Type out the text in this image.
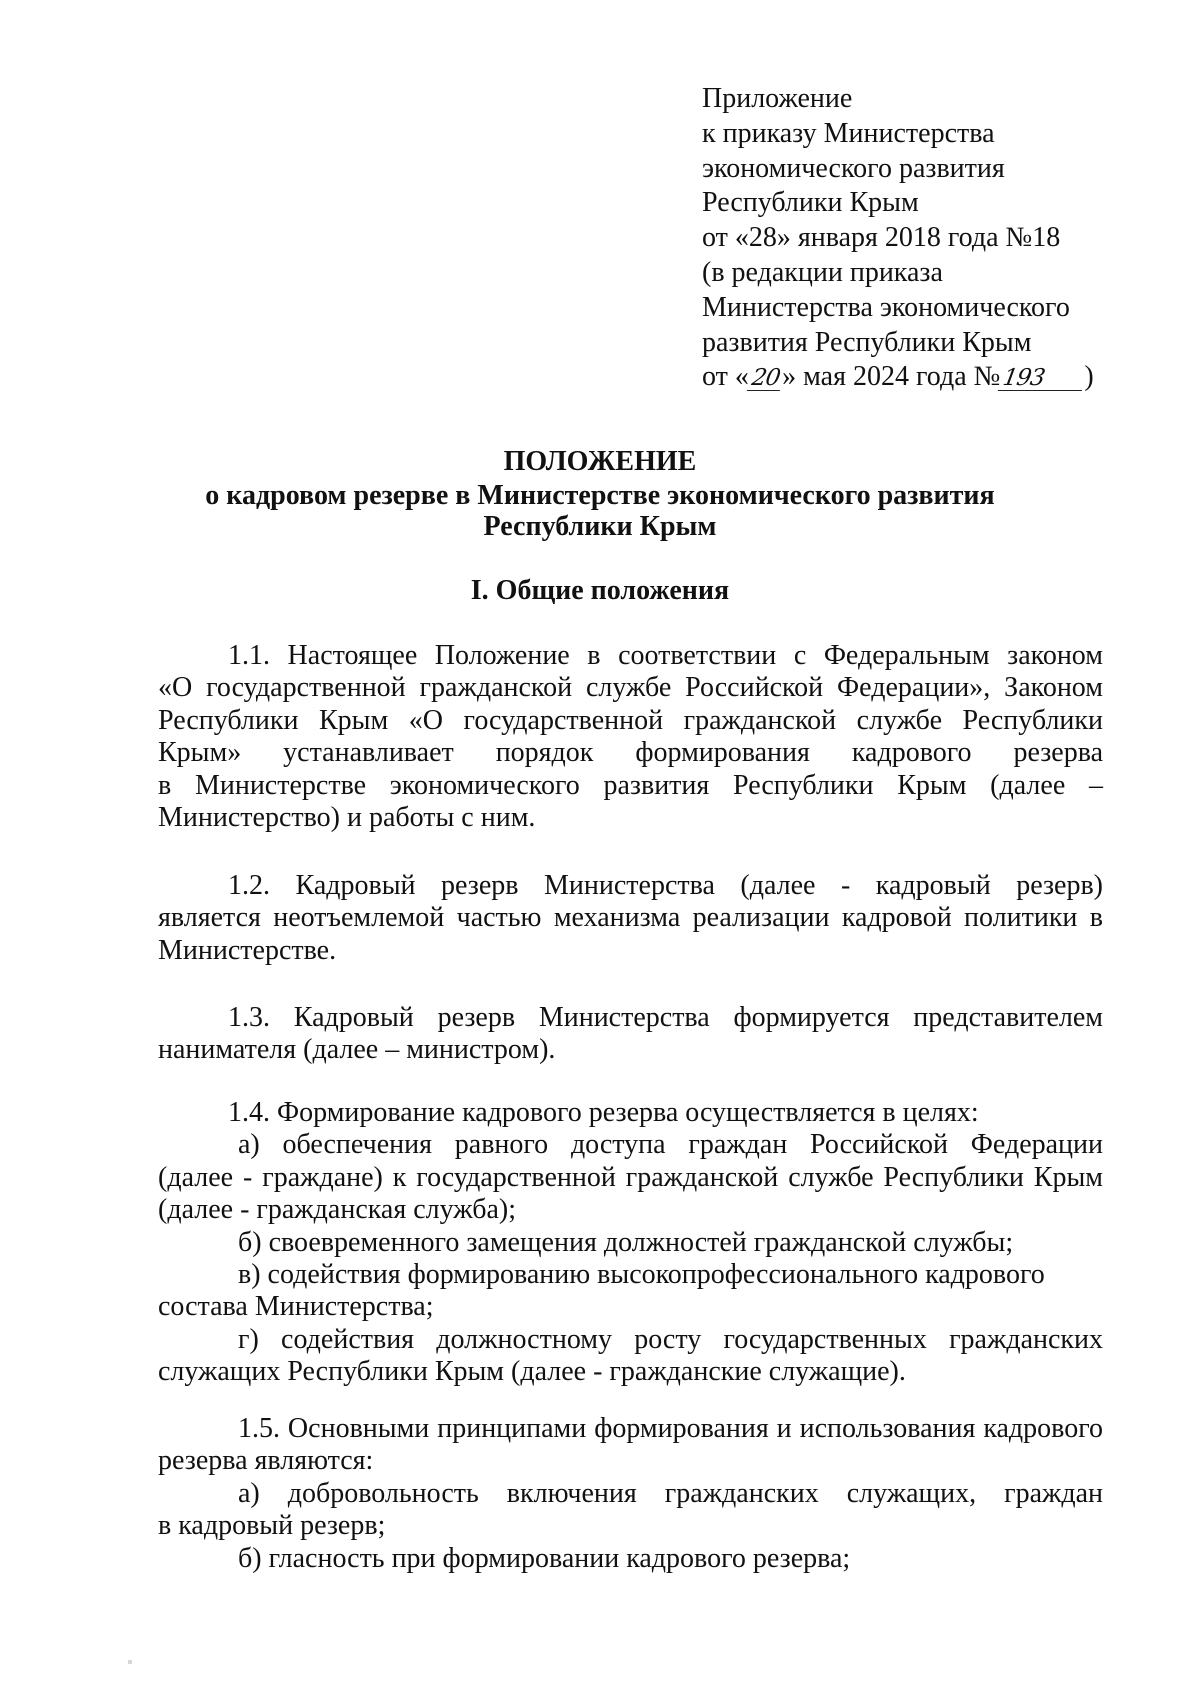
Приложение
к приказу Министерства
экономического развития
Республики Крым
от «28» января 2018 года №18
(в редакции приказа
Министерства экономического
развития Республики Крым
от «20» мая 2024 года №193 )
ПОЛОЖЕНИЕ
о кадровом резерве в Министерстве экономического развития
Республики Крым
I. Общие положения
1.1. Настоящее Положение в соответствии с Федеральным законом
«О государственной гражданской службе Российской Федерации», Законом
Республики Крым «О государственной гражданской службе Республики
Крым» устанавливает порядок формирования кадрового резерва
в Министерстве экономического развития Республики Крым (далее –
Министерство) и работы с ним.
1.2. Кадровый резерв Министерства (далее - кадровый резерв)
является неотъемлемой частью механизма реализации кадровой политики в
Министерстве.
1.3. Кадровый резерв Министерства формируется представителем
нанимателя (далее – министром).
1.4. Формирование кадрового резерва осуществляется в целях:
а) обеспечения равного доступа граждан Российской Федерации
(далее - граждане) к государственной гражданской службе Республики Крым
(далее - гражданская служба);
б) своевременного замещения должностей гражданской службы;
в) содействия формированию высокопрофессионального кадрового
состава Министерства;
г) содействия должностному росту государственных гражданских
служащих Республики Крым (далее - гражданские служащие).
1.5. Основными принципами формирования и использования кадрового
резерва являются:
а) добровольность включения гражданских служащих, граждан
в кадровый резерв;
б) гласность при формировании кадрового резерва;
